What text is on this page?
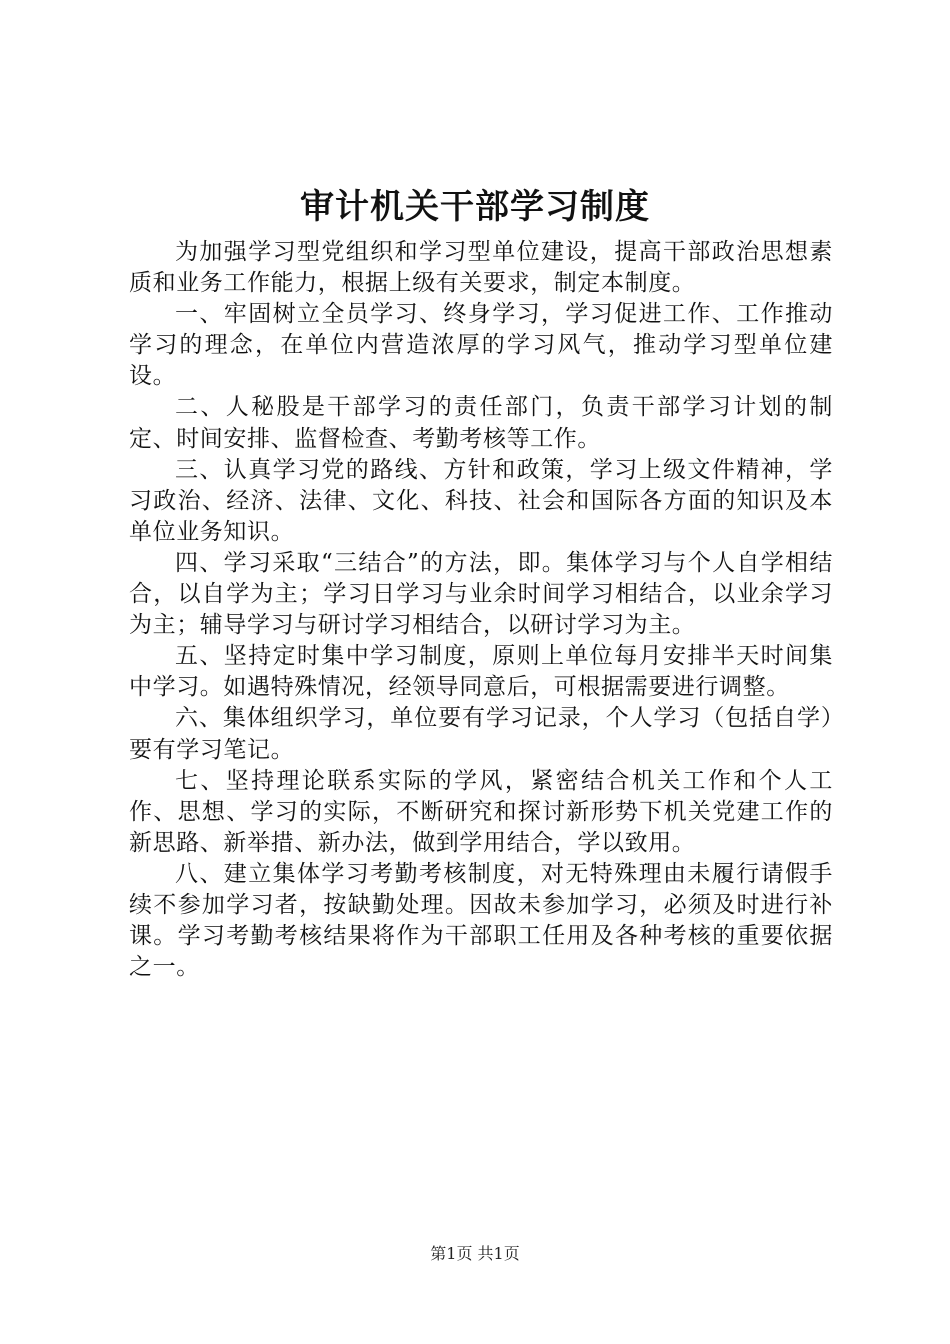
审计机关干部学习制度

为加强学习型党组织和学习型单位建设，提高干部政治思想素质和业务工作能力，根据上级有关要求，制定本制度。

一、牢固树立全员学习、终身学习，学习促进工作、工作推动学习的理念，在单位内营造浓厚的学习风气，推动学习型单位建设。

二、人秘股是干部学习的责任部门，负责干部学习计划的制定、时间安排、监督检查、考勤考核等工作。

三、认真学习党的路线、方针和政策，学习上级文件精神，学习政治、经济、法律、文化、科技、社会和国际各方面的知识及本单位业务知识。

四、学习采取“三结合”的方法，即。集体学习与个人自学相结合，以自学为主；学习日学习与业余时间学习相结合，以业余学习为主；辅导学习与研讨学习相结合，以研讨学习为主。

五、坚持定时集中学习制度，原则上单位每月安排半天时间集中学习。如遇特殊情况，经领导同意后，可根据需要进行调整。

六、集体组织学习，单位要有学习记录，个人学习（包括自学）要有学习笔记。

七、坚持理论联系实际的学风，紧密结合机关工作和个人工作、思想、学习的实际，不断研究和探讨新形势下机关党建工作的新思路、新举措、新办法，做到学用结合，学以致用。

八、建立集体学习考勤考核制度，对无特殊理由未履行请假手续不参加学习者，按缺勤处理。因故未参加学习，必须及时进行补课。学习考勤考核结果将作为干部职工任用及各种考核的重要依据之一。

第1页 共1页
